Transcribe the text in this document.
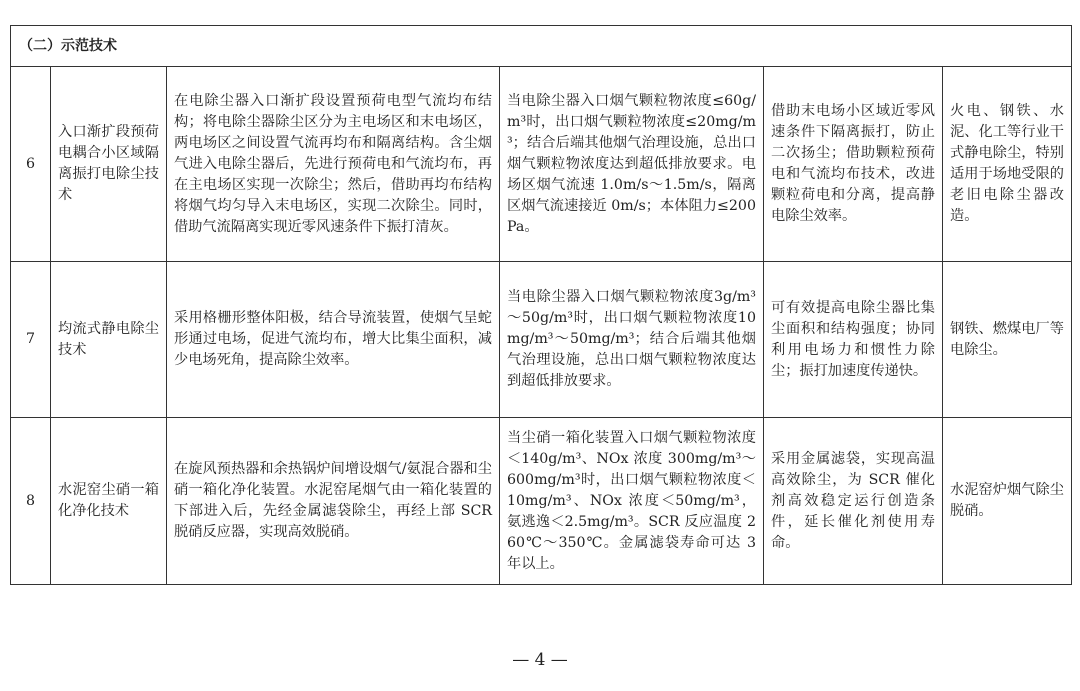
（二）示范技术					
6	入口渐扩段预荷电耦合小区域隔离振打电除尘技术	在电除尘器入口渐扩段设置预荷电型气流均布结构；将电除尘器除尘区分为主电场区和末电场区，两电场区之间设置气流再均布和隔离结构。含尘烟气进入电除尘器后，先进行预荷电和气流均布，再在主电场区实现一次除尘；然后，借助再均布结构将烟气均匀导入末电场区，实现二次除尘。同时，借助气流隔离实现近零风速条件下振打清灰。	当电除尘器入口烟气颗粒物浓度≤60g/m³时，出口烟气颗粒物浓度≤20mg/m³；结合后端其他烟气治理设施，总出口烟气颗粒物浓度达到超低排放要求。电场区烟气流速 1.0m/s～1.5m/s，隔离区烟气流速接近 0m/s；本体阻力≤200Pa。	借助末电场小区域近零风速条件下隔离振打，防止二次扬尘；借助颗粒预荷电和气流均布技术，改进颗粒荷电和分离，提高静电除尘效率。	火电、钢铁、水泥、化工等行业干式静电除尘，特别适用于场地受限的老旧电除尘器改造。
7	均流式静电除尘技术	采用格栅形整体阳极，结合导流装置，使烟气呈蛇形通过电场，促进气流均布，增大比集尘面积，减少电场死角，提高除尘效率。	当电除尘器入口烟气颗粒物浓度3g/m³～50g/m³时，出口烟气颗粒物浓度10mg/m³～50mg/m³；结合后端其他烟气治理设施，总出口烟气颗粒物浓度达到超低排放要求。	可有效提高电除尘器比集尘面积和结构强度；协同利用电场力和惯性力除尘；振打加速度传递快。	钢铁、燃煤电厂等电除尘。
8	水泥窑尘硝一箱化净化技术	在旋风预热器和余热锅炉间增设烟气/氨混合器和尘硝一箱化净化装置。水泥窑尾烟气由一箱化装置的下部进入后，先经金属滤袋除尘，再经上部 SCR 脱硝反应器，实现高效脱硝。	当尘硝一箱化装置入口烟气颗粒物浓度＜140g/m³、NOx 浓度 300mg/m³～600mg/m³时，出口烟气颗粒物浓度＜10mg/m³、NOx 浓度＜50mg/m³，氨逃逸＜2.5mg/m³。SCR 反应温度 260℃～350℃。金属滤袋寿命可达 3 年以上。	采用金属滤袋，实现高温高效除尘，为 SCR 催化剂高效稳定运行创造条件，延长催化剂使用寿命。	水泥窑炉烟气除尘脱硝。
— 4 —
